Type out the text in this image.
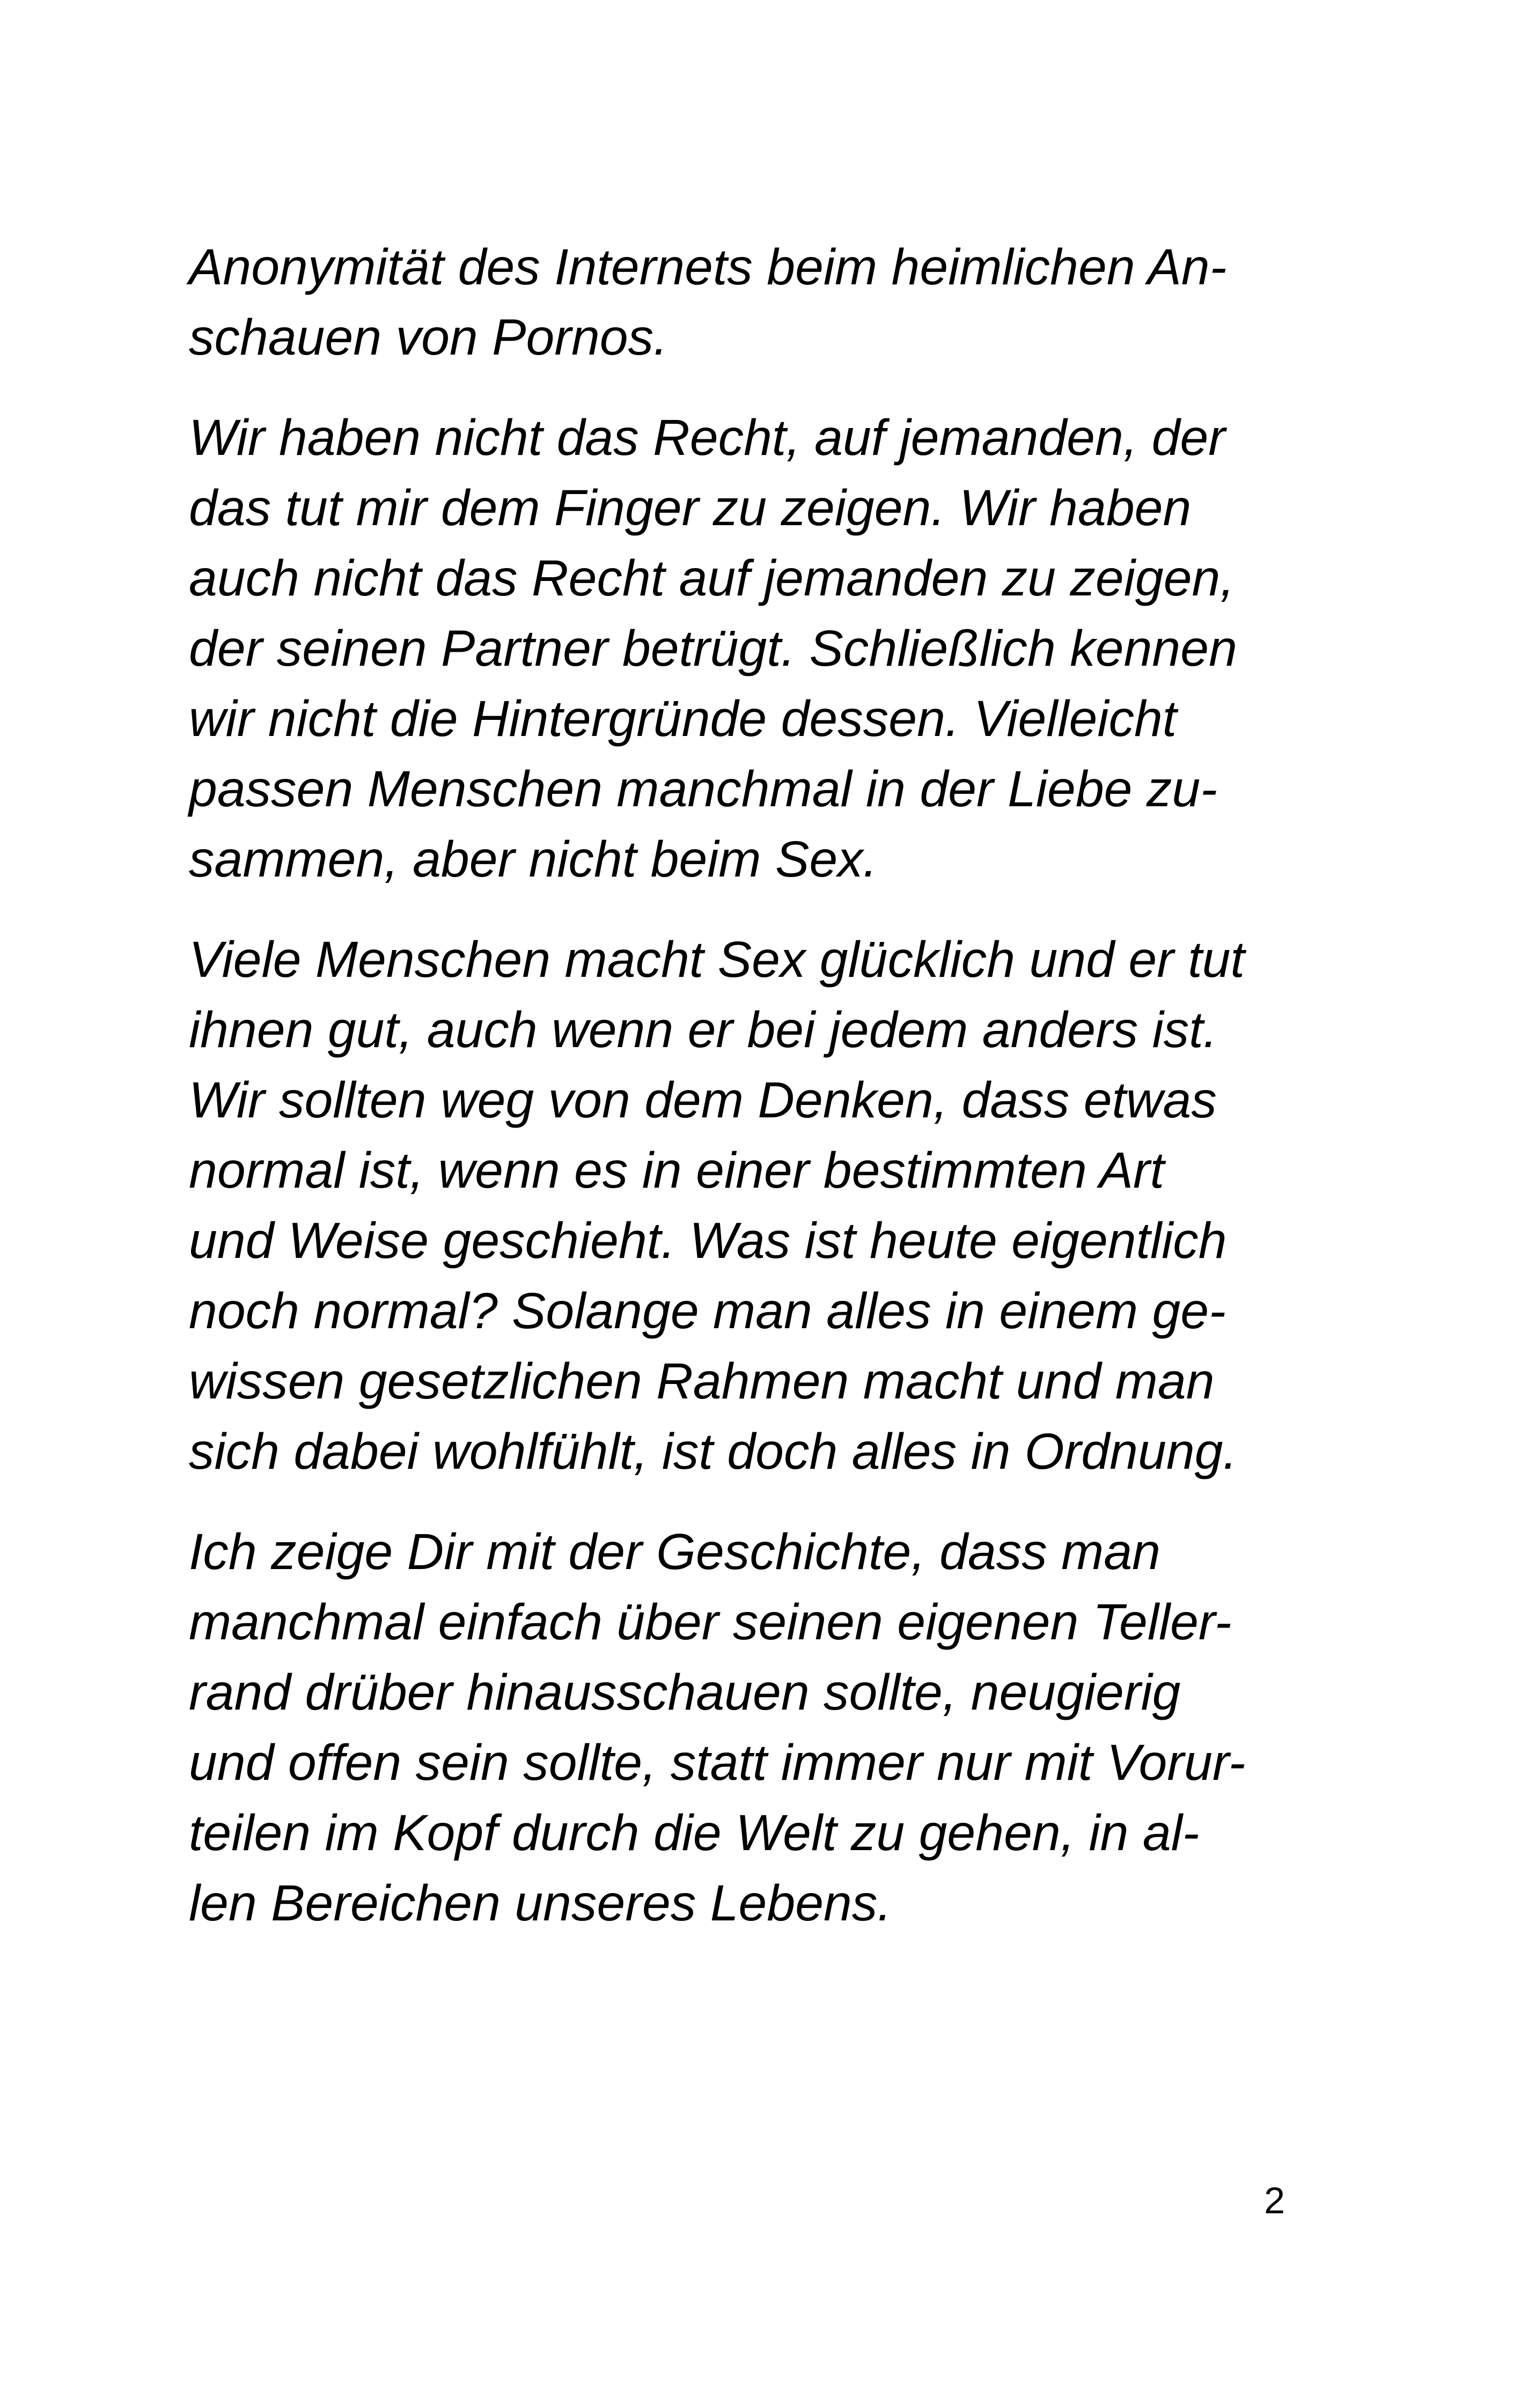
Anonymität des Internets beim heimlichen An-
schauen von Pornos.

Wir haben nicht das Recht, auf jemanden, der
das tut mir dem Finger zu zeigen. Wir haben
auch nicht das Recht auf jemanden zu zeigen,
der seinen Partner betrügt. Schließlich kennen
wir nicht die Hintergründe dessen. Vielleicht
passen Menschen manchmal in der Liebe zu-
sammen, aber nicht beim Sex.

Viele Menschen macht Sex glücklich und er tut
ihnen gut, auch wenn er bei jedem anders ist.
Wir sollten weg von dem Denken, dass etwas
normal ist, wenn es in einer bestimmten Art
und Weise geschieht. Was ist heute eigentlich
noch normal? Solange man alles in einem ge-
wissen gesetzlichen Rahmen macht und man
sich dabei wohlfühlt, ist doch alles in Ordnung.

Ich zeige Dir mit der Geschichte, dass man
manchmal einfach über seinen eigenen Teller-
rand drüber hinausschauen sollte, neugierig
und offen sein sollte, statt immer nur mit Vorur-
teilen im Kopf durch die Welt zu gehen, in al-
len Bereichen unseres Lebens.

2
